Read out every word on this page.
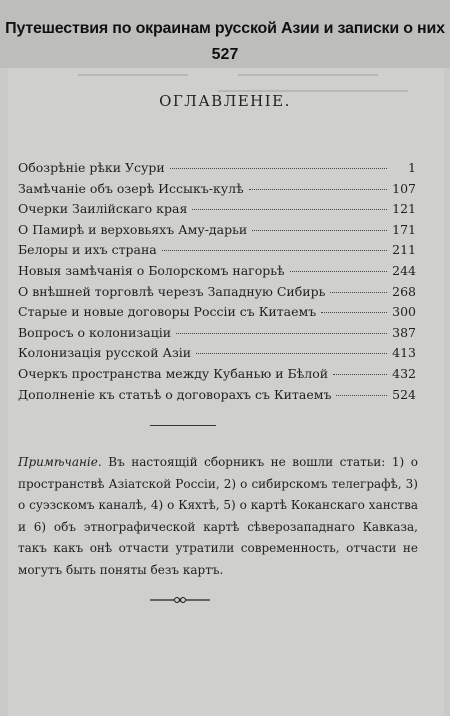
Путешествия по окраинам русской Азии и записки о них
527
ОГЛАВЛЕНІЕ.
Обозрѣніе рѣки Усури	1
Замѣчаніе объ озерѣ Иссыкъ-кулѣ	107
Очерки Заилійскаго края	121
О Памирѣ и верховьяхъ Аму-дарьи	171
Белоры и ихъ страна	211
Новыя замѣчанія о Болорскомъ нагорьѣ	244
О внѣшней торговлѣ черезъ Западную Сибирь	268
Старые и новые договоры Россіи съ Китаемъ	300
Вопросъ о колонизаціи	387
Колонизація русской Азіи	413
Очеркъ пространства между Кубанью и Бѣлой	432
Дополненіе къ статьѣ о договорахъ съ Китаемъ	524
Примѣчаніе. Въ настоящій сборникъ не вошли статьи: 1) о пространствѣ Азіатской Россіи, 2) о сибирскомъ телеграфѣ, 3) о суэзскомъ каналѣ, 4) о Кяхтѣ, 5) о картѣ Коканскаго ханства и 6) объ этнографической картѣ сѣверозападнаго Кавказа, такъ какъ онѣ отчасти утратили современность, отчасти не могутъ быть поняты безъ картъ.
